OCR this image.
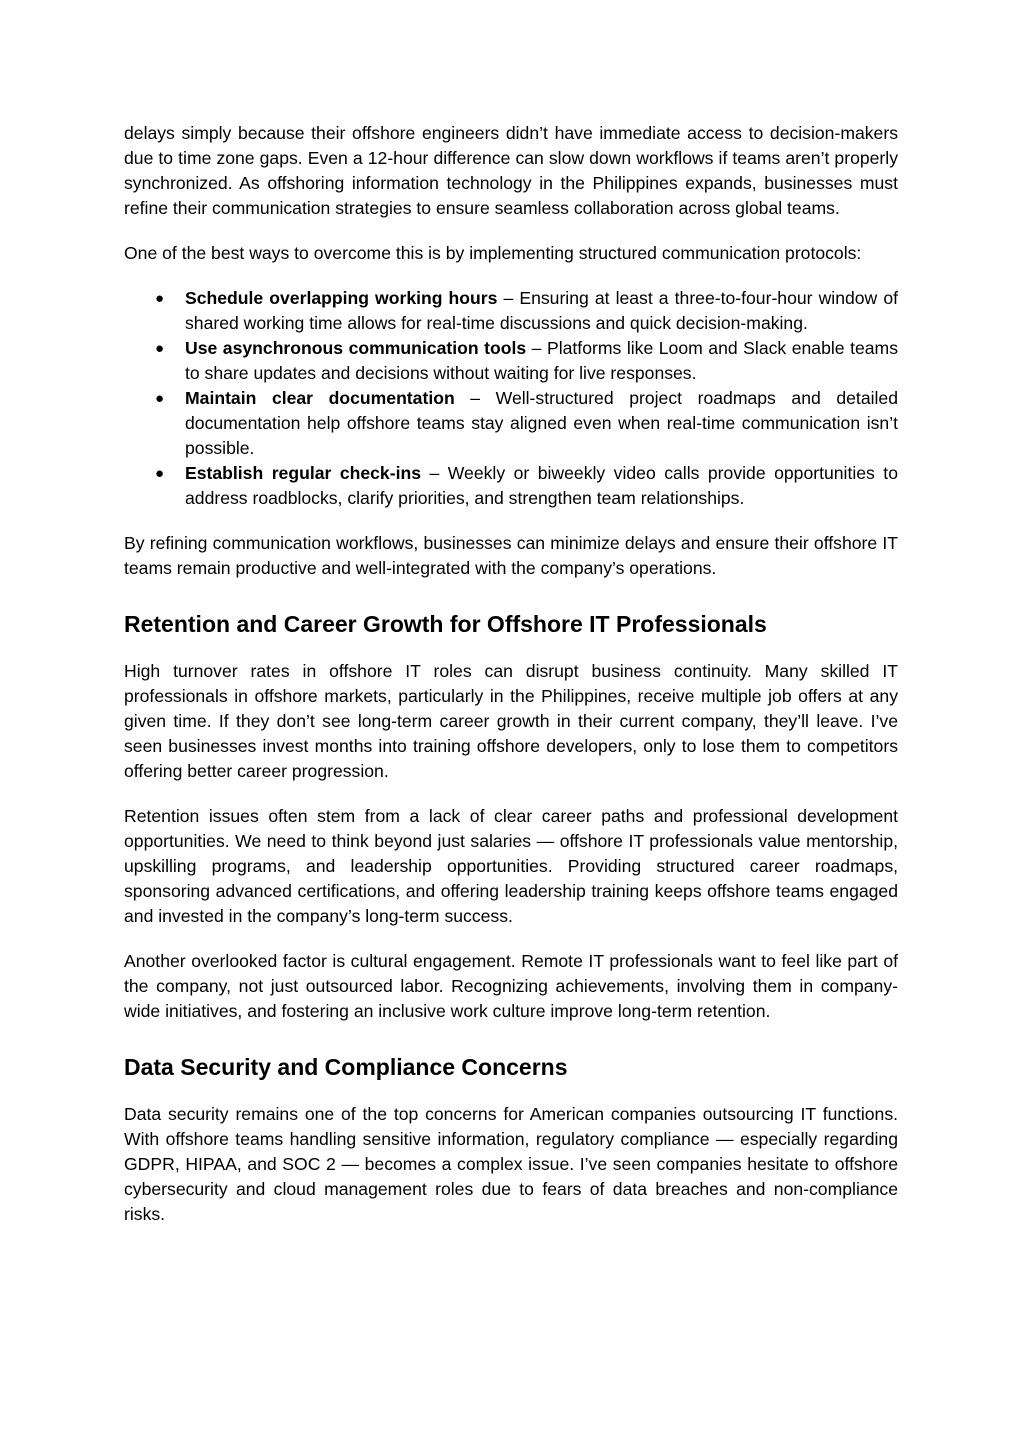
delays simply because their offshore engineers didn’t have immediate access to decision-makers due to time zone gaps. Even a 12-hour difference can slow down workflows if teams aren’t properly synchronized. As offshoring information technology in the Philippines expands, businesses must refine their communication strategies to ensure seamless collaboration across global teams.

One of the best ways to overcome this is by implementing structured communication protocols:

● Schedule overlapping working hours – Ensuring at least a three-to-four-hour window of shared working time allows for real-time discussions and quick decision-making.
● Use asynchronous communication tools – Platforms like Loom and Slack enable teams to share updates and decisions without waiting for live responses.
● Maintain clear documentation – Well-structured project roadmaps and detailed documentation help offshore teams stay aligned even when real-time communication isn’t possible.
● Establish regular check-ins – Weekly or biweekly video calls provide opportunities to address roadblocks, clarify priorities, and strengthen team relationships.

By refining communication workflows, businesses can minimize delays and ensure their offshore IT teams remain productive and well-integrated with the company’s operations.

Retention and Career Growth for Offshore IT Professionals

High turnover rates in offshore IT roles can disrupt business continuity. Many skilled IT professionals in offshore markets, particularly in the Philippines, receive multiple job offers at any given time. If they don’t see long-term career growth in their current company, they’ll leave. I’ve seen businesses invest months into training offshore developers, only to lose them to competitors offering better career progression.

Retention issues often stem from a lack of clear career paths and professional development opportunities. We need to think beyond just salaries — offshore IT professionals value mentorship, upskilling programs, and leadership opportunities. Providing structured career roadmaps, sponsoring advanced certifications, and offering leadership training keeps offshore teams engaged and invested in the company’s long-term success.

Another overlooked factor is cultural engagement. Remote IT professionals want to feel like part of the company, not just outsourced labor. Recognizing achievements, involving them in company-wide initiatives, and fostering an inclusive work culture improve long-term retention.

Data Security and Compliance Concerns

Data security remains one of the top concerns for American companies outsourcing IT functions. With offshore teams handling sensitive information, regulatory compliance — especially regarding GDPR, HIPAA, and SOC 2 — becomes a complex issue. I’ve seen companies hesitate to offshore cybersecurity and cloud management roles due to fears of data breaches and non-compliance risks.
